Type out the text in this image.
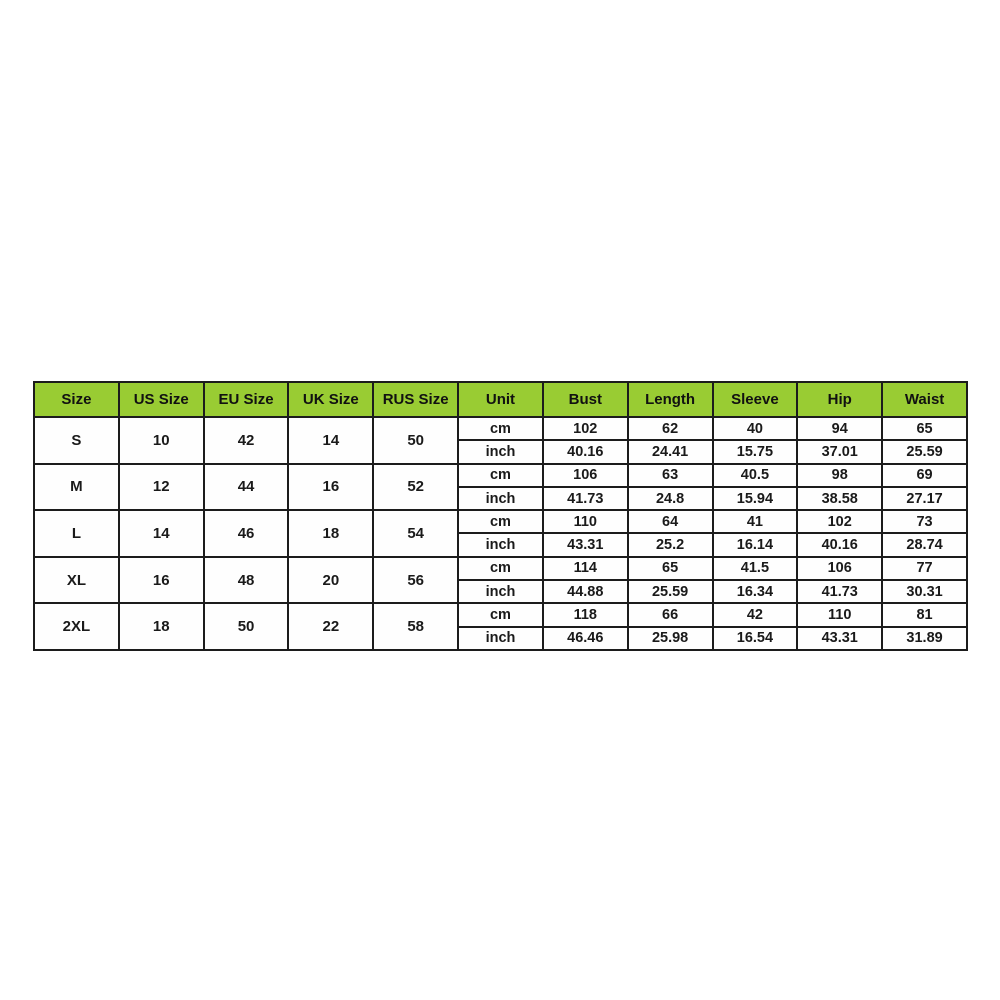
Size	US Size	EU Size	UK Size	RUS Size	Unit	Bust	Length	Sleeve	Hip	Waist
S	10	42	14	50	cm	102	62	40	94	65
					inch	40.16	24.41	15.75	37.01	25.59
M	12	44	16	52	cm	106	63	40.5	98	69
					inch	41.73	24.8	15.94	38.58	27.17
L	14	46	18	54	cm	110	64	41	102	73
					inch	43.31	25.2	16.14	40.16	28.74
XL	16	48	20	56	cm	114	65	41.5	106	77
					inch	44.88	25.59	16.34	41.73	30.31
2XL	18	50	22	58	cm	118	66	42	110	81
					inch	46.46	25.98	16.54	43.31	31.89
